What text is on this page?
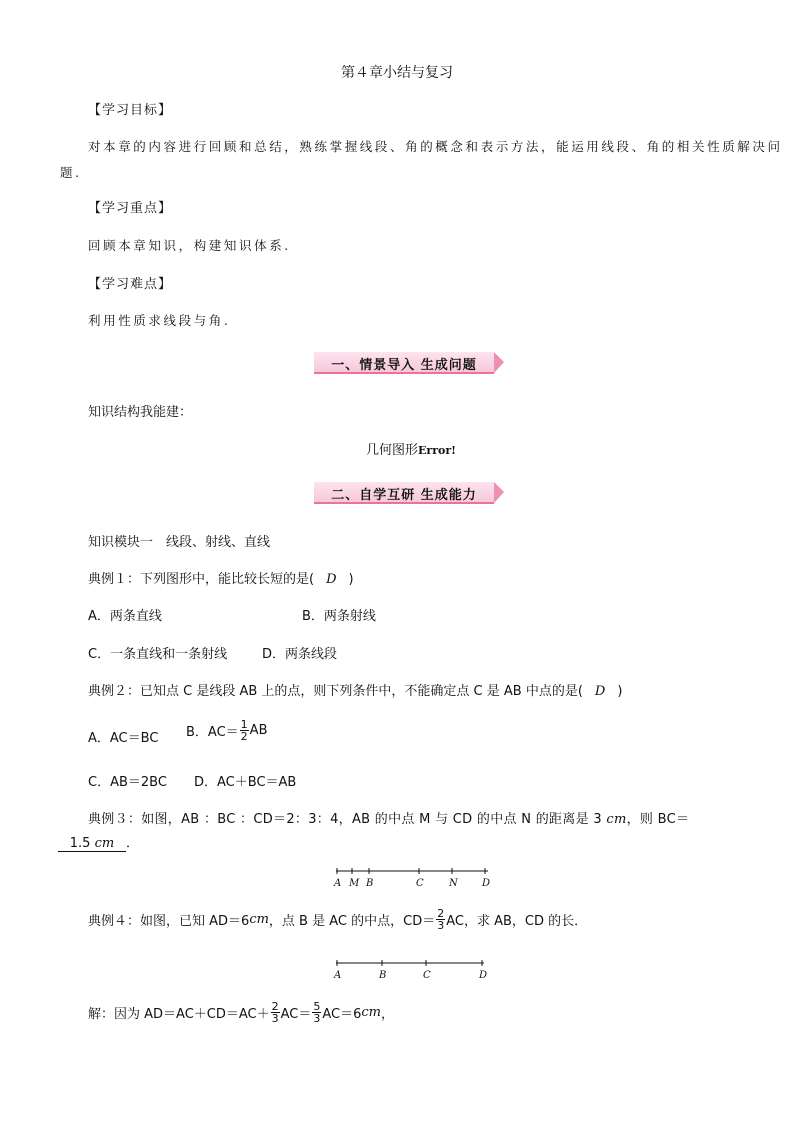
第４章小结与复习
【学习目标】
对本章的内容进行回顾和总结，熟练掌握线段、角的概念和表示方法，能运用线段、角的相关性质解决问
题.
【学习重点】
回顾本章知识，构建知识体系.
【学习难点】
利用性质求线段与角.
一、情景导入 生成问题
知识结构我能建：
几何图形Error!
二、自学互研 生成能力
知识模块一　线段、射线、直线
典例１：下列图形中，能比较长短的是( D )
A．两条直线	B．两条射线
C．一条直线和一条射线	D．两条线段
典例２：已知点 C 是线段 AB 上的点，则下列条件中，不能确定点 C 是 AB 中点的是( D )
A．AC＝BC B．$AC= \frac{1}{2}$ AB
C．AB＝2BC D．AC＋BC＝AB
典例３：如图，AB ：BC ：CD＝2：3：4，AB 的中点 M 与 CD 的中点 N 的距离是 3 cm，则 BC＝
1.5 cm ．
A M B	C	N D
典例４：如图，已知 AD＝6cm，点 B 是 AC 的中点，$CD= \frac{2}{3}$ AC，求 AB，CD 的长．
A	B	C	D
解：因为 $AD=AC+CD=AC+ \frac{2}{3} AC= \frac{5}{3} AC=6cm$，
